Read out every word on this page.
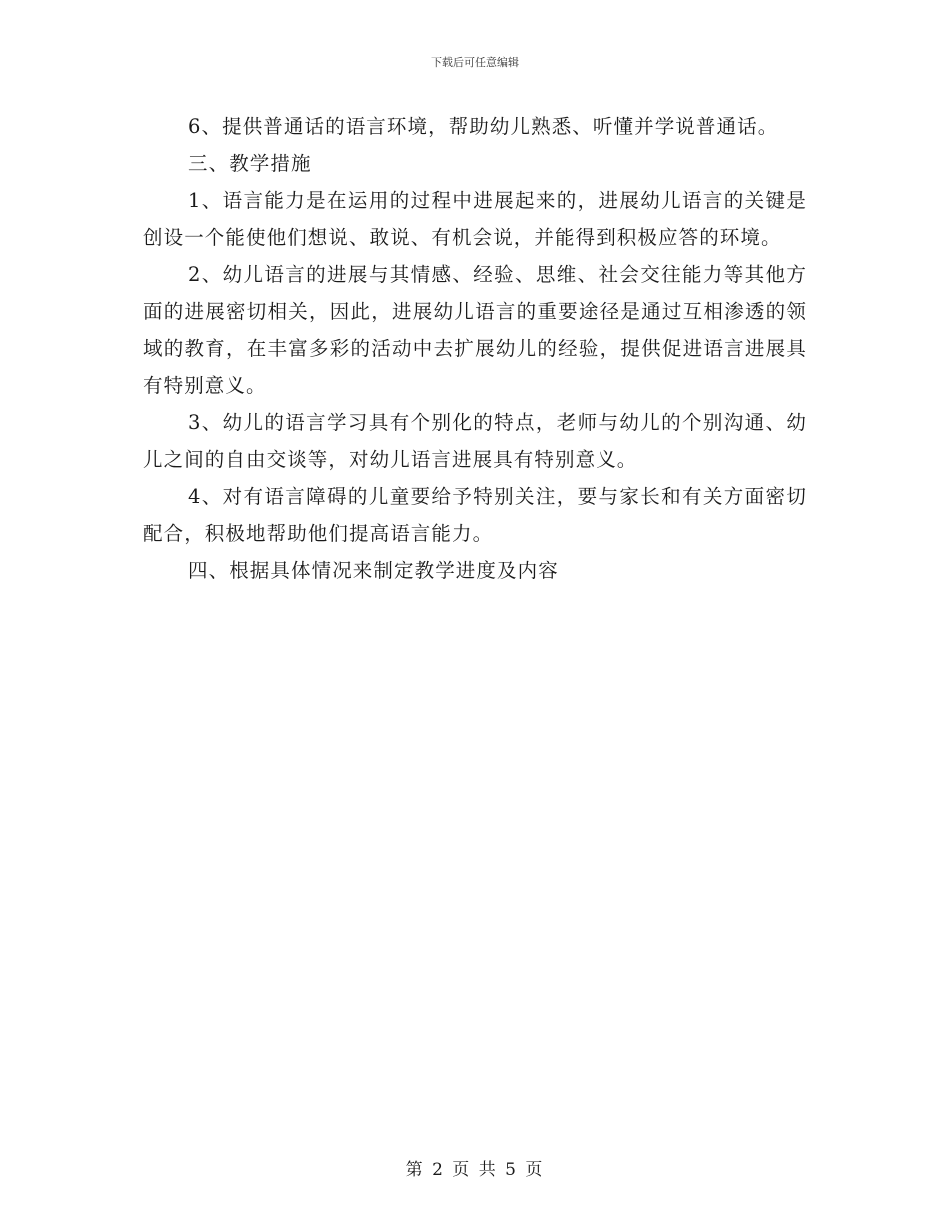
下载后可任意编辑

6、提供普通话的语言环境，帮助幼儿熟悉、听懂并学说普通话。

三、教学措施

1、语言能力是在运用的过程中进展起来的，进展幼儿语言的关键是创设一个能使他们想说、敢说、有机会说，并能得到积极应答的环境。

2、幼儿语言的进展与其情感、经验、思维、社会交往能力等其他方面的进展密切相关，因此，进展幼儿语言的重要途径是通过互相渗透的领域的教育，在丰富多彩的活动中去扩展幼儿的经验，提供促进语言进展具有特别意义。

3、幼儿的语言学习具有个别化的特点，老师与幼儿的个别沟通、幼儿之间的自由交谈等，对幼儿语言进展具有特别意义。

4、对有语言障碍的儿童要给予特别关注，要与家长和有关方面密切配合，积极地帮助他们提高语言能力。

四、根据具体情况来制定教学进度及内容

第 2 页 共 5 页
